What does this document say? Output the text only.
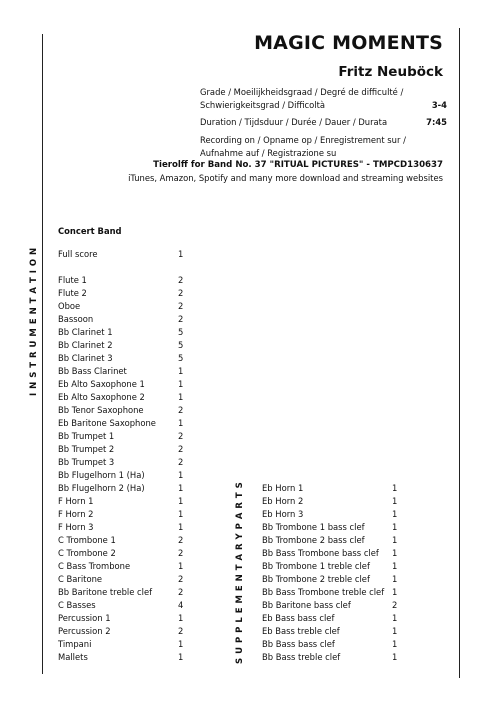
MAGIC MOMENTS
Fritz Neuböck
Grade / Moeilijkheidsgraad / Degré de difficulté /
Schwierigkeitsgrad / Difficoltà	3-4
Duration / Tijdsduur / Durée / Dauer / Durata	7:45
Recording on / Opname op / Enregistrement sur /
Aufnahme auf / Registrazione su
Tierolff for Band No. 37 "RITUAL PICTURES" - TMPCD130637
iTunes, Amazon, Spotify and many more download and streaming websites
I N S T R U M E N T A T I O N
S U P P L E M E N T A R Y P A R T S
Concert Band
Full score	1
Flute 1	2
Flute 2	2
Oboe	2
Bassoon	2
Bb Clarinet 1	5
Bb Clarinet 2	5
Bb Clarinet 3	5
Bb Bass Clarinet	1
Eb Alto Saxophone 1	1
Eb Alto Saxophone 2	1
Bb Tenor Saxophone	2
Eb Baritone Saxophone	1
Bb Trumpet 1	2
Bb Trumpet 2	2
Bb Trumpet 3	2
Bb Flugelhorn 1 (Ha)	1
Bb Flugelhorn 2 (Ha)	1
F Horn 1	1
F Horn 2	1
F Horn 3	1
C Trombone 1	2
C Trombone 2	2
C Bass Trombone	1
C Baritone	2
Bb Baritone treble clef	2
C Basses	4
Percussion 1	1
Percussion 2	2
Timpani	1
Mallets	1
Eb Horn 1	1
Eb Horn 2	1
Eb Horn 3	1
Bb Trombone 1 bass clef	1
Bb Trombone 2 bass clef	1
Bb Bass Trombone bass clef 1
Bb Trombone 1 treble clef	1
Bb Trombone 2 treble clef	1
Bb Bass Trombone treble clef 1
Bb Baritone bass clef	2
Eb Bass bass clef	1
Eb Bass treble clef	1
Bb Bass bass clef	1
Bb Bass treble clef	1
